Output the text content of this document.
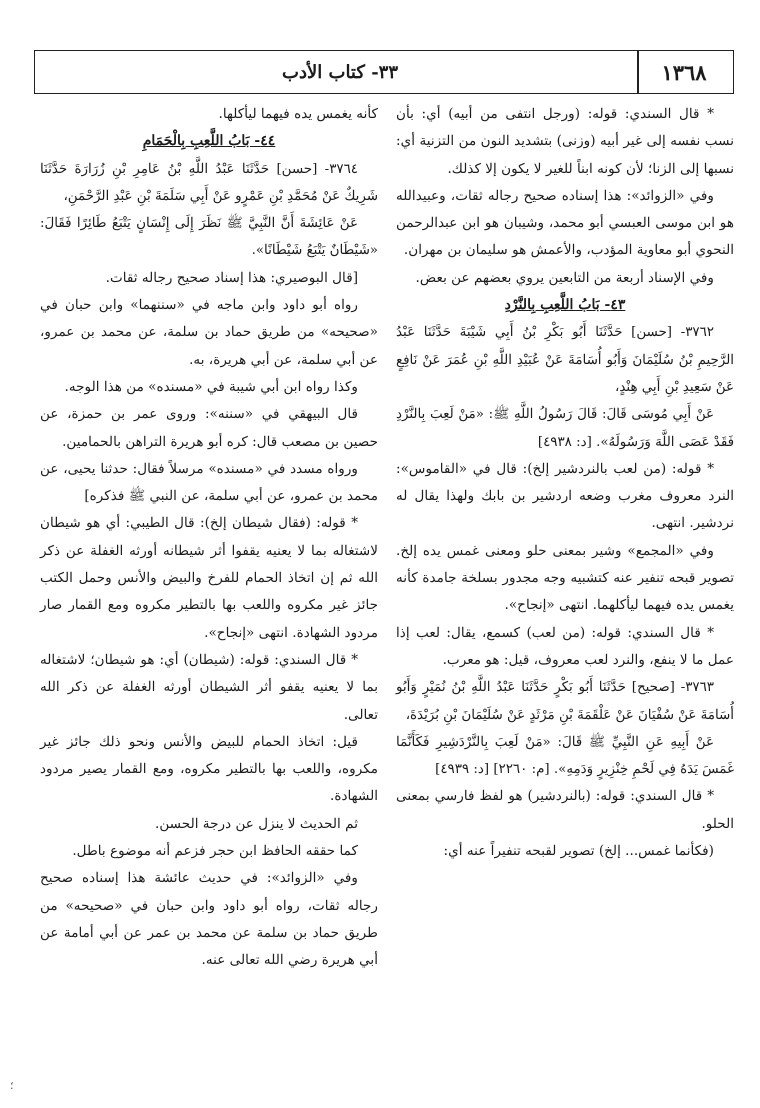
٣٣- كتاب الأدب	١٣٦٨

* قال السندي: قوله: (ورجل انتفى من أبيه) أي: بأن نسب نفسه إلى غير أبيه (وزنى) بتشديد النون من التزنية أي: نسبها إلى الزنا؛ لأن كونه ابناً للغير لا يكون إلا كذلك.

وفي «الزوائد»: هذا إسناده صحيح رجاله ثقات، وعبيدالله هو ابن موسى العبسي أبو محمد، وشيبان هو ابن عبدالرحمن النحوي أبو معاوية المؤدب، والأعمش هو سليمان بن مهران.

وفي الإسناد أربعة من التابعين يروي بعضهم عن بعض.

٤٣- بَابُ اللَّعِبِ بِالنَّرْدِ

٣٧٦٢- [حسن] حَدَّثَنَا أَبُو بَكْرِ بْنُ أَبِي شَيْبَةَ حَدَّثَنَا عَبْدُ الرَّحِيمِ بْنُ سُلَيْمَانَ وَأَبُو أُسَامَةَ عَنْ عُبَيْدِ اللَّهِ بْنِ عُمَرَ عَنْ نَافِعٍ عَنْ سَعِيدِ بْنِ أَبِي هِنْدٍ،

عَنْ أَبِي مُوسَى قَالَ: قَالَ رَسُولُ اللَّهِ ﷺ: «مَنْ لَعِبَ بِالنَّرْدِ فَقَدْ عَصَى اللَّهَ وَرَسُولَهُ». [د: ٤٩٣٨]

* قوله: (من لعب بالنردشير إلخ): قال في «القاموس»: النرد معروف مغرب وضعه اردشير بن بابك ولهذا يقال له نردشير. انتهى.

وفي «المجمع» وشير بمعنى حلو ومعنى غمس يده إلخ. تصوير قبحه تنفير عنه كتشبيه وجه مجدور بسلخة جامدة كأنه يغمس يده فيهما ليأكلهما. انتهى «إنجاح».

* قال السندي: قوله: (من لعب) كسمع، يقال: لعب إذا عمل ما لا ينفع، والنرد لعب معروف، قيل: هو معرب.

٣٧٦٣- [صحيح] حَدَّثَنَا أَبُو بَكْرٍ حَدَّثَنَا عَبْدُ اللَّهِ بْنُ نُمَيْرٍ وَأَبُو أُسَامَةَ عَنْ سُفْيَانَ عَنْ عَلْقَمَةَ بْنِ مَرْثَدٍ عَنْ سُلَيْمَانَ بْنِ بُرَيْدَةَ،

عَنْ أَبِيهِ عَنِ النَّبِيِّ ﷺ قَالَ: «مَنْ لَعِبَ بِالنَّرْدَشِيرِ فَكَأَنَّمَا غَمَسَ يَدَهُ فِي لَحْمِ خِنْزِيرٍ وَدَمِهِ». [م: ٢٢٦٠] [د: ٤٩٣٩]

* قال السندي: قوله: (بالنردشير) هو لفظ فارسي بمعنى الحلو.

(فكأنما غمس... إلخ) تصوير لقبحه تنفيراً عنه أي:

كأنه يغمس يده فيهما ليأكلها.

٤٤- بَابُ اللَّعِبِ بِالْحَمَامِ

٣٧٦٤- [حسن] حَدَّثَنَا عَبْدُ اللَّهِ بْنُ عَامِرِ بْنِ زُرَارَةَ حَدَّثَنَا شَرِيكٌ عَنْ مُحَمَّدِ بْنِ عَمْرٍو عَنْ أَبِي سَلَمَةَ بْنِ عَبْدِ الرَّحْمَنِ،

عَنْ عَائِشَةَ أَنَّ النَّبِيَّ ﷺ نَظَرَ إِلَى إِنْسَانٍ يَتْبَعُ طَائِرًا فَقَالَ: «شَيْطَانٌ يَتْبَعُ شَيْطَانًا».

[قال البوصيري: هذا إسناد صحيح رجاله ثقات.

رواه أبو داود وابن ماجه في «سننهما» وابن حبان في «صحيحه» من طريق حماد بن سلمة، عن محمد بن عمرو، عن أبي سلمة، عن أبي هريرة، به.

وكذا رواه ابن أبي شيبة في «مسنده» من هذا الوجه.

قال البيهقي في «سننه»: وروى عمر بن حمزة، عن حصين بن مصعب قال: كره أبو هريرة التراهن بالحمامين.

ورواه مسدد في «مسنده» مرسلاً فقال: حدثنا يحيى، عن محمد بن عمرو، عن أبي سلمة، عن النبي ﷺ فذكره]

* قوله: (فقال شيطان إلخ): قال الطيبي: أي هو شيطان لاشتغاله بما لا يعنيه يقفوا أثر شيطانه أورثه الغفلة عن ذكر الله ثم إن اتخاذ الحمام للفرخ والبيض والأنس وحمل الكتب جائز غير مكروه واللعب بها بالتطير مكروه ومع القمار صار مردود الشهادة. انتهى «إنجاح».

* قال السندي: قوله: (شيطان) أي: هو شيطان؛ لاشتغاله بما لا يعنيه يقفو أثر الشيطان أورثه الغفلة عن ذكر الله تعالى.

قيل: اتخاذ الحمام للبيض والأنس ونحو ذلك جائز غير مكروه، واللعب بها بالتطير مكروه، ومع القمار يصير مردود الشهادة.

ثم الحديث لا ينزل عن درجة الحسن.

كما حققه الحافظ ابن حجر فزعم أنه موضوع باطل.

وفي «الزوائد»: في حديث عائشة هذا إسناده صحيح رجاله ثقات، رواه أبو داود وابن حبان في «صحيحه» من طريق حماد بن سلمة عن محمد بن عمر عن أبي أمامة عن أبي هريرة رضي الله تعالى عنه.

؛
